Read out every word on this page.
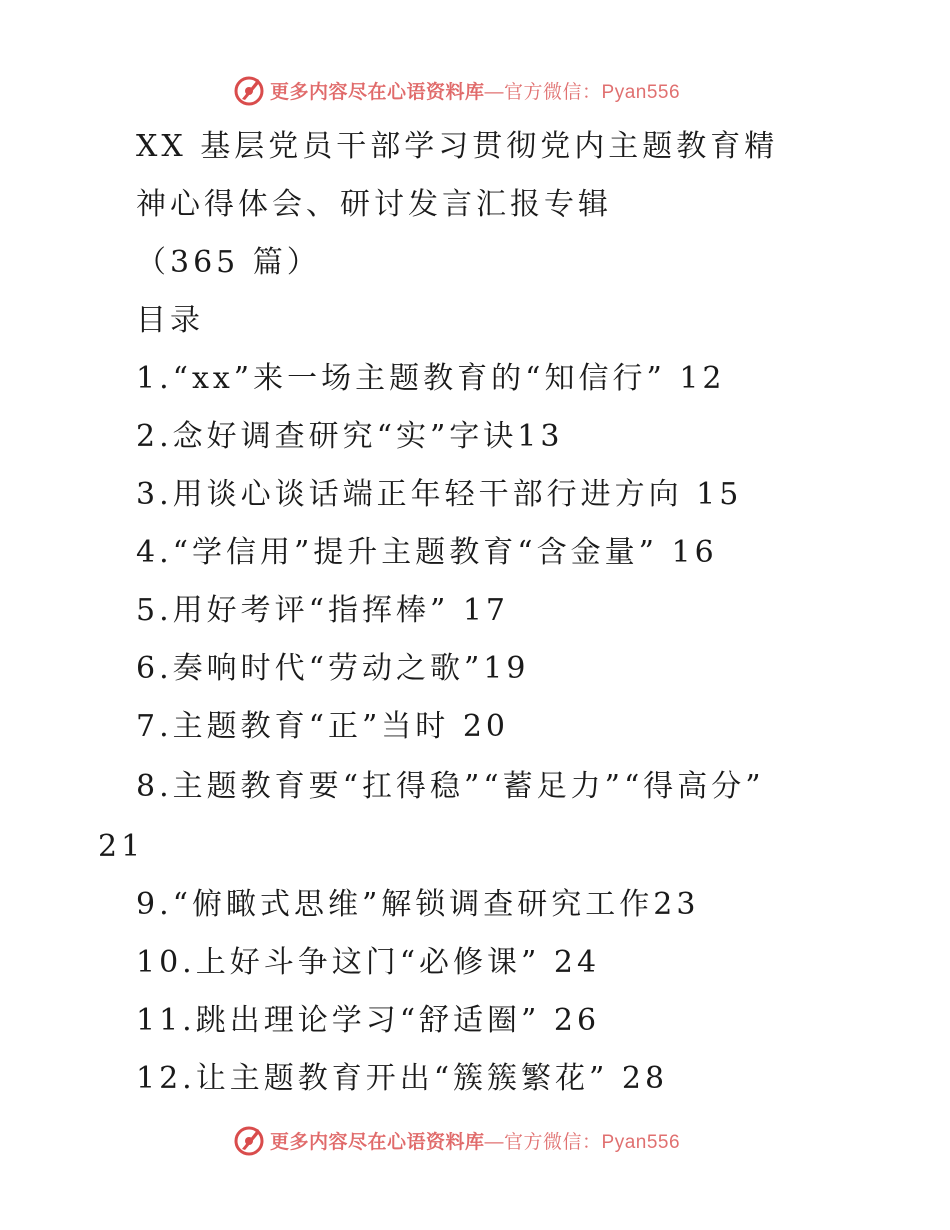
更多内容尽在心语资料库—官方微信：Pyan556
XX 基层党员干部学习贯彻党内主题教育精
神心得体会、研讨发言汇报专辑
（365 篇）
目录
1.“xx”来一场主题教育的“知信行” 12
2.念好调查研究“实”字诀13
3.用谈心谈话端正年轻干部行进方向 15
4.“学信用”提升主题教育“含金量” 16
5.用好考评“指挥棒” 17
6.奏响时代“劳动之歌”19
7.主题教育“正”当时 20
8.主题教育要“扛得稳”“蓄足力”“得高分”
21
9.“俯瞰式思维”解锁调查研究工作23
10.上好斗争这门“必修课” 24
11.跳出理论学习“舒适圈” 26
12.让主题教育开出“簇簇繁花” 28
更多内容尽在心语资料库—官方微信：Pyan556
